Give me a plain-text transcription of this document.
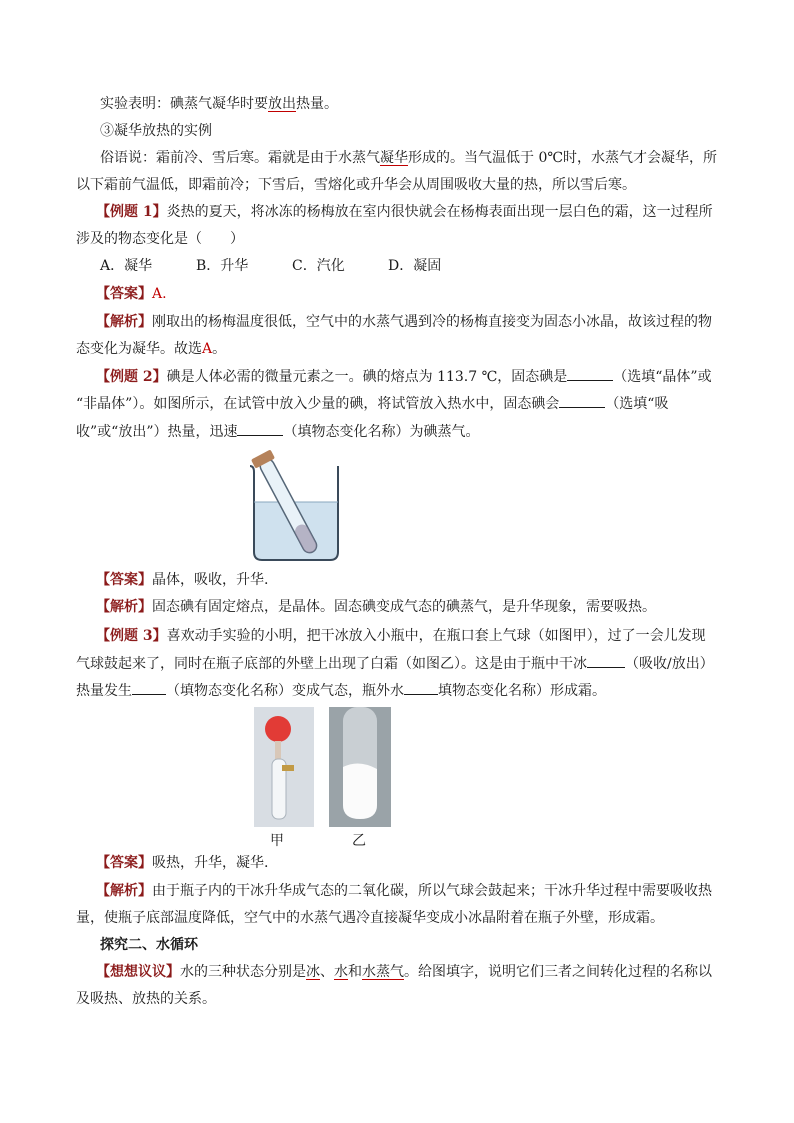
实验表明：碘蒸气凝华时要放出热量。
③凝华放热的实例
俗语说：霜前冷、雪后寒。霜就是由于水蒸气凝华形成的。当气温低于 0℃时，水蒸气才会凝华，所
以下霜前气温低，即霜前冷；下雪后，雪熔化或升华会从周围吸收大量的热，所以雪后寒。
【例题 1】炎热的夏天，将冰冻的杨梅放在室内很快就会在杨梅表面出现一层白色的霜，这一过程所
涉及的物态变化是（　　）
A．凝华	B．升华	C．汽化	D．凝固
【答案】A.
【解析】刚取出的杨梅温度很低，空气中的水蒸气遇到冷的杨梅直接变为固态小冰晶，故该过程的物
态变化为凝华。故选A。
【例题 2】碘是人体必需的微量元素之一。碘的熔点为 113.7 ℃，固态碘是	（选填“晶体”或
“非晶体”）。如图所示，在试管中放入少量的碘，将试管放入热水中，固态碘会	（选填“吸
收”或“放出”）热量，迅速	（填物态变化名称）为碘蒸气。
【答案】晶体，吸收，升华.
【解析】固态碘有固定熔点，是晶体。固态碘变成气态的碘蒸气，是升华现象，需要吸热。
【例题 3】喜欢动手实验的小明，把干冰放入小瓶中，在瓶口套上气球（如图甲），过了一会儿发现
气球鼓起来了，同时在瓶子底部的外壁上出现了白霜（如图乙）。这是由于瓶中干冰	（吸收/放出）
热量发生 （填物态变化名称）变成气态，瓶外水 填物态变化名称）形成霜。
甲	乙
【答案】吸热，升华，凝华.
【解析】由于瓶子内的干冰升华成气态的二氧化碳，所以气球会鼓起来；干冰升华过程中需要吸收热
量，使瓶子底部温度降低，空气中的水蒸气遇冷直接凝华变成小冰晶附着在瓶子外壁，形成霜。
探究二、水循环
【想想议议】水的三种状态分别是冰、水和水蒸气。给图填字，说明它们三者之间转化过程的名称以
及吸热、放热的关系。
